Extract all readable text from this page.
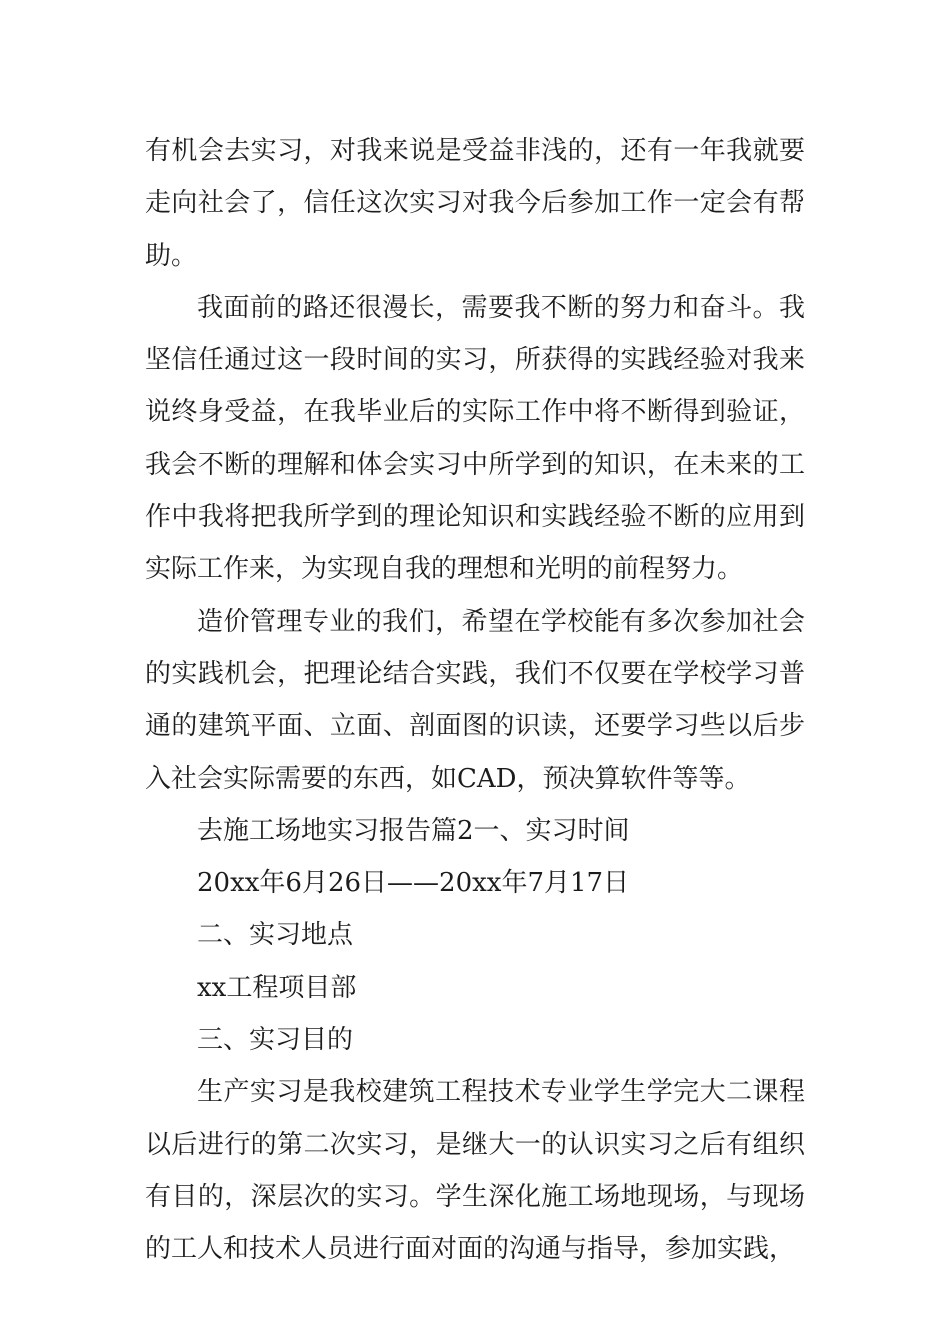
有机会去实习，对我来说是受益非浅的，还有一年我就要走向社会了，信任这次实习对我今后参加工作一定会有帮助。

我面前的路还很漫长，需要我不断的努力和奋斗。我坚信任通过这一段时间的实习，所获得的实践经验对我来说终身受益，在我毕业后的实际工作中将不断得到验证，我会不断的理解和体会实习中所学到的知识，在未来的工作中我将把我所学到的理论知识和实践经验不断的应用到实际工作来，为实现自我的理想和光明的前程努力。

造价管理专业的我们，希望在学校能有多次参加社会的实践机会，把理论结合实践，我们不仅要在学校学习普通的建筑平面、立面、剖面图的识读，还要学习些以后步入社会实际需要的东西，如CAD，预决算软件等等。

去施工场地实习报告篇2一、实习时间

20xx年6月26日——20xx年7月17日

二、实习地点

xx工程项目部

三、实习目的

生产实习是我校建筑工程技术专业学生学完大二课程以后进行的第二次实习，是继大一的认识实习之后有组织有目的，深层次的实习。学生深化施工场地现场，与现场的工人和技术人员进行面对面的沟通与指导，参加实践，
